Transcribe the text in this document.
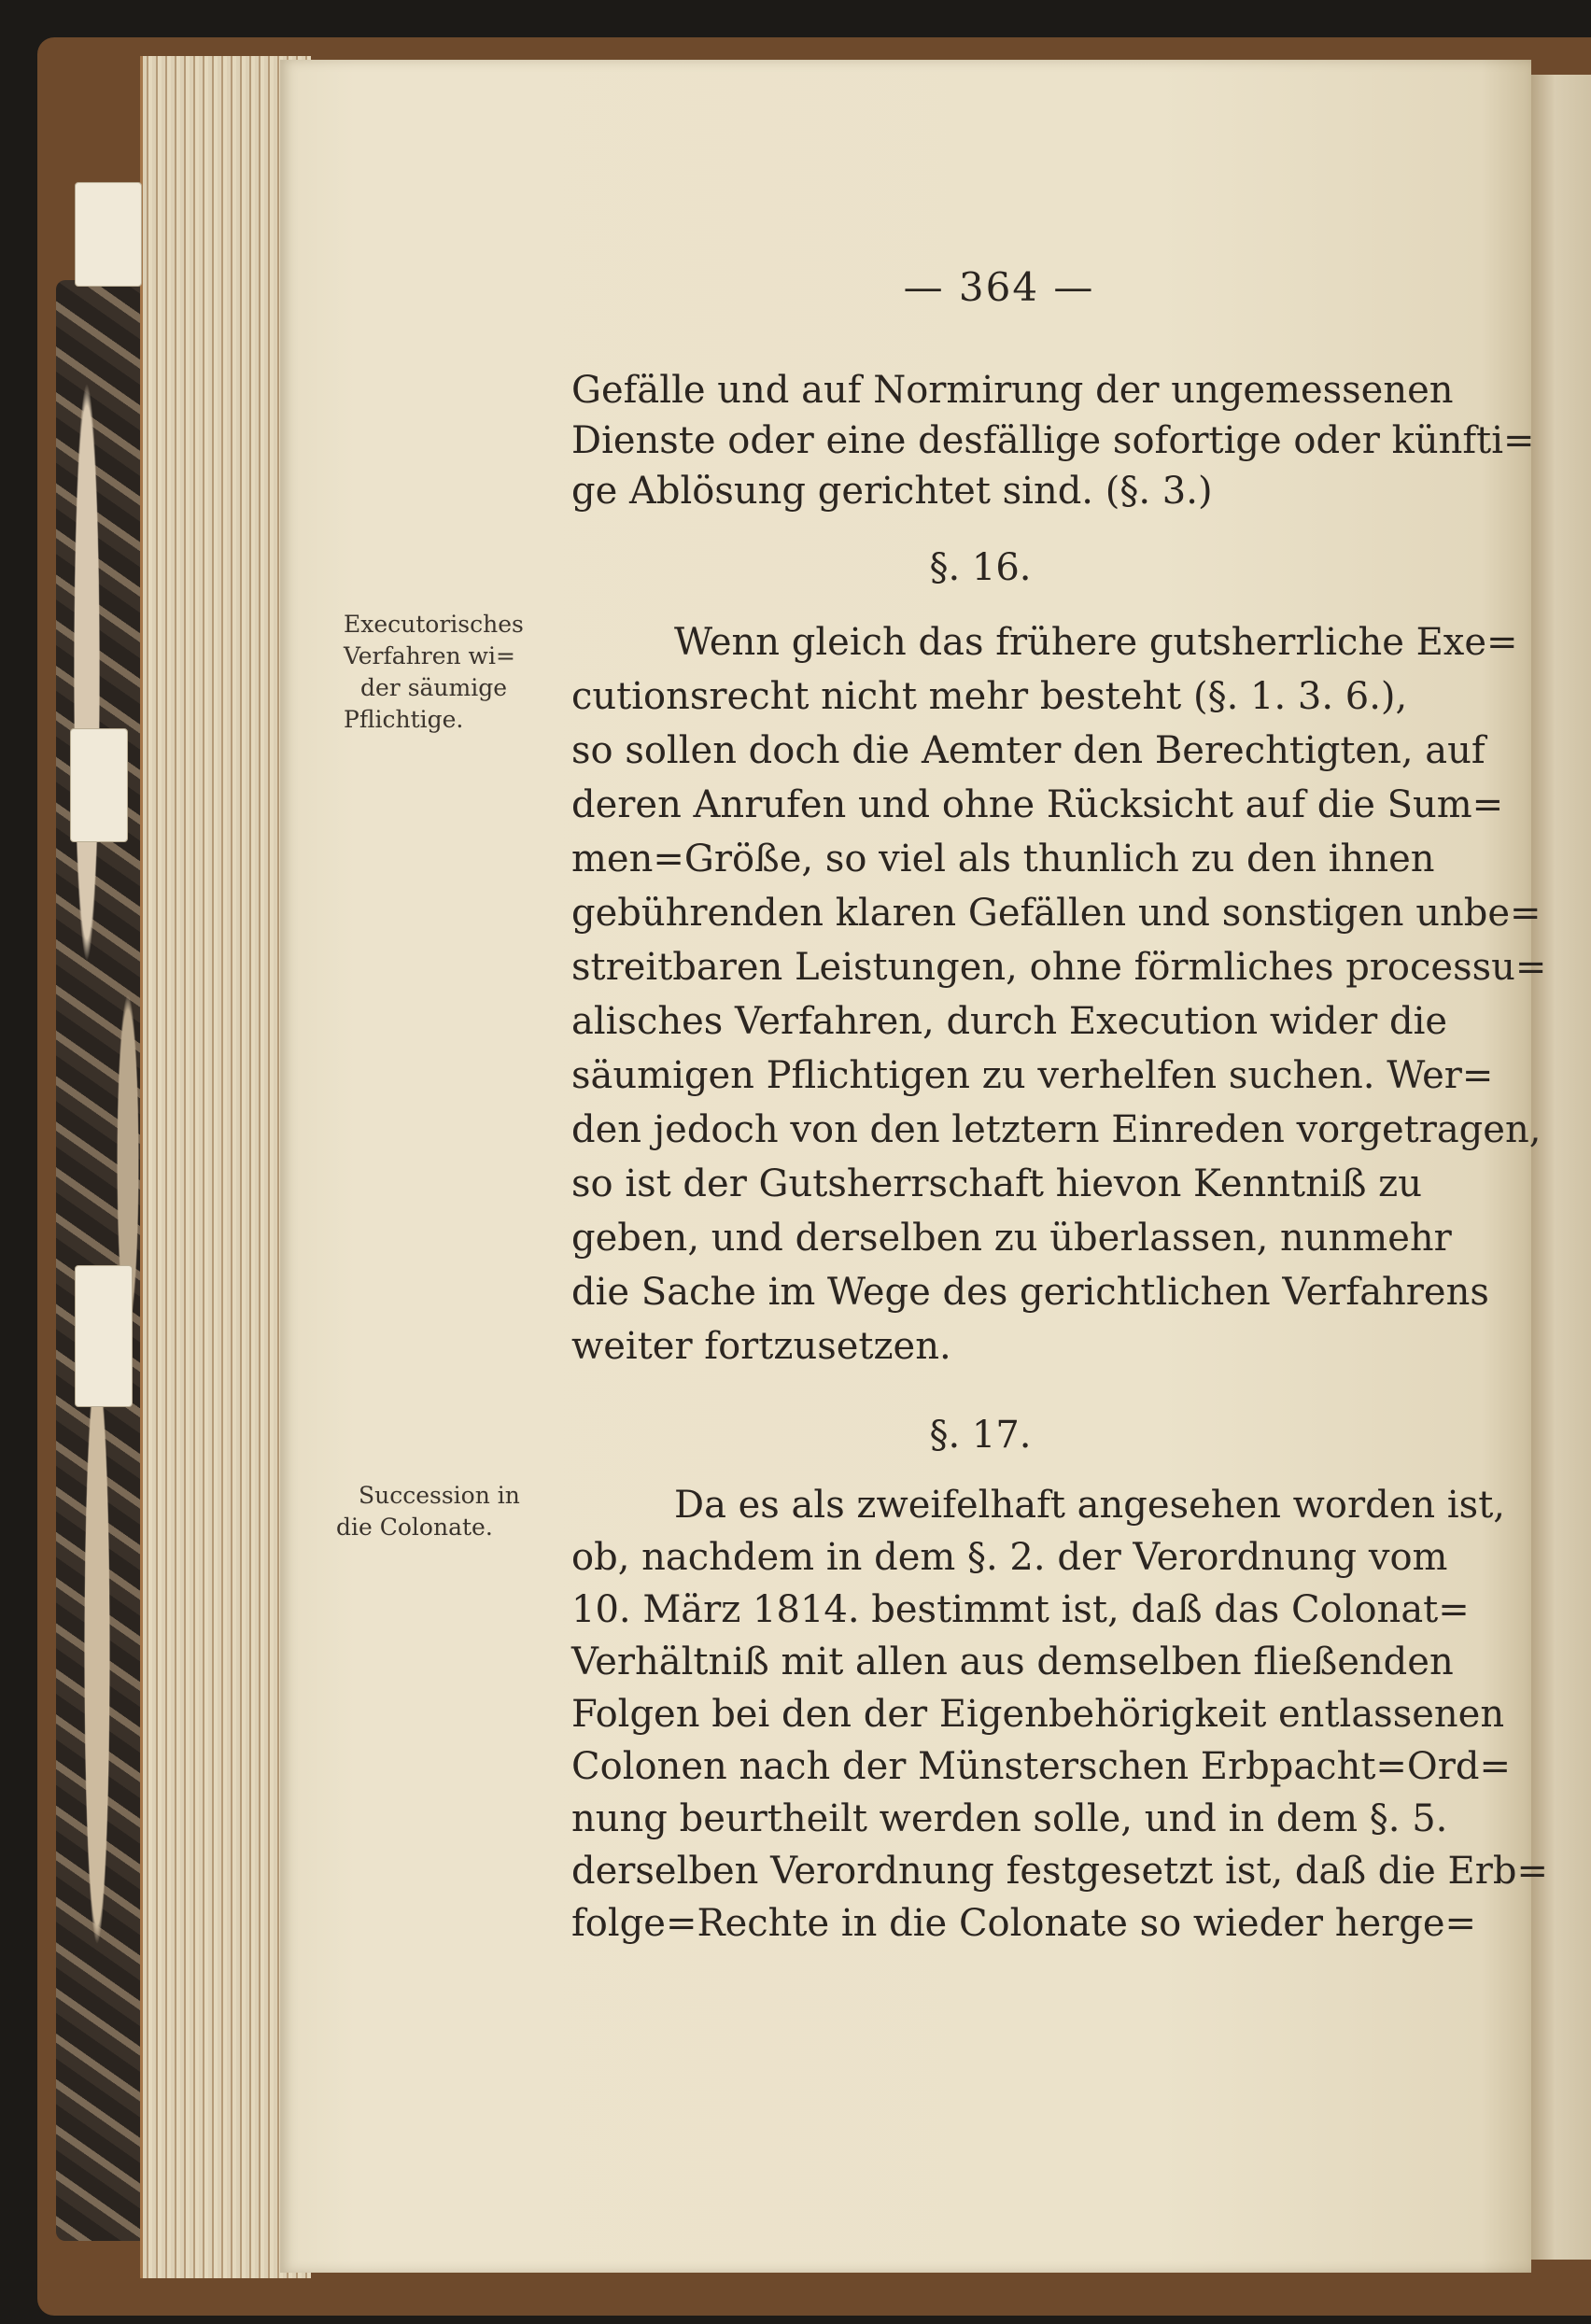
— 364 —
Gefälle und auf Normirung der ungemessenen
Dienste oder eine desfällige sofortige oder künfti=
ge Ablösung gerichtet sind. (§. 3.)
§. 16.
Executorisches
Verfahren wi=
der säumige
Pflichtige.
Wenn gleich das frühere gutsherrliche Exe=
cutionsrecht nicht mehr besteht (§. 1. 3. 6.),
so sollen doch die Aemter den Berechtigten, auf
deren Anrufen und ohne Rücksicht auf die Sum=
men=Größe, so viel als thunlich zu den ihnen
gebührenden klaren Gefällen und sonstigen unbe=
streitbaren Leistungen, ohne förmliches processu=
alisches Verfahren, durch Execution wider die
säumigen Pflichtigen zu verhelfen suchen. Wer=
den jedoch von den letztern Einreden vorgetragen,
so ist der Gutsherrschaft hievon Kenntniß zu
geben, und derselben zu überlassen, nunmehr
die Sache im Wege des gerichtlichen Verfahrens
weiter fortzusetzen.
§. 17.
Succession in
die Colonate.
Da es als zweifelhaft angesehen worden ist,
ob, nachdem in dem §. 2. der Verordnung vom
10. März 1814. bestimmt ist, daß das Colonat=
Verhältniß mit allen aus demselben fließenden
Folgen bei den der Eigenbehörigkeit entlassenen
Colonen nach der Münsterschen Erbpacht=Ord=
nung beurtheilt werden solle, und in dem §. 5.
derselben Verordnung festgesetzt ist, daß die Erb=
folge=Rechte in die Colonate so wieder herge=
